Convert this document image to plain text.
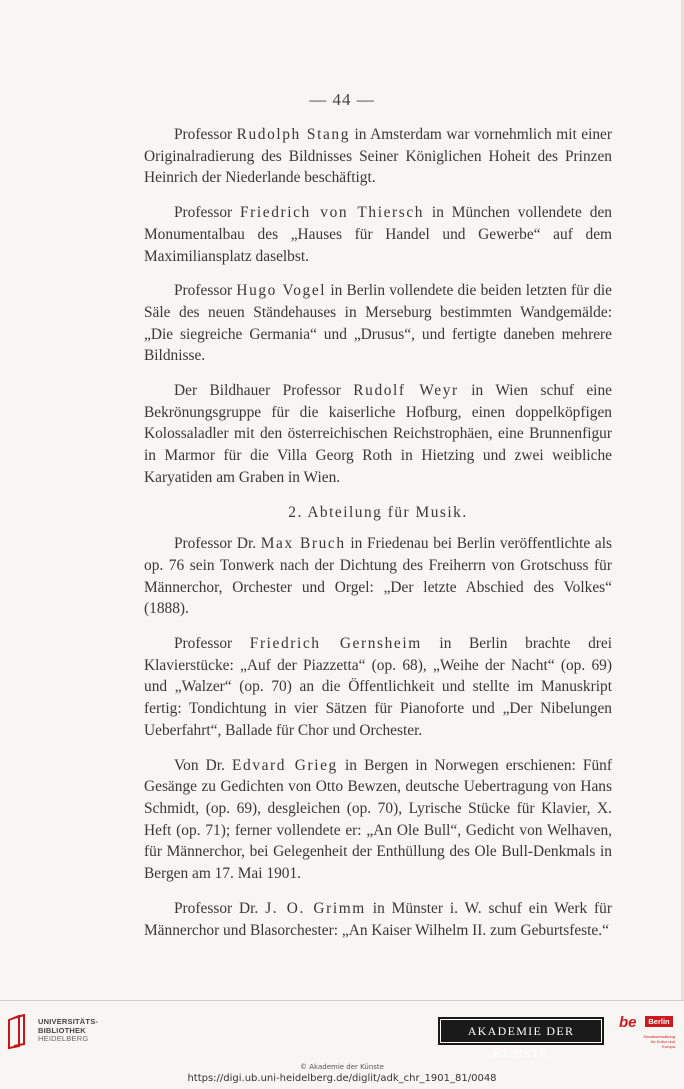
— 44 —

Professor Rudolph Stang in Amsterdam war vornehmlich mit einer Originalradierung des Bildnisses Seiner Königlichen Hoheit des Prinzen Heinrich der Niederlande beschäftigt.

Professor Friedrich von Thiersch in München vollendete den Monumentalbau des „Hauses für Handel und Gewerbe“ auf dem Maximiliansplatz daselbst.

Professor Hugo Vogel in Berlin vollendete die beiden letzten für die Säle des neuen Ständehauses in Merseburg bestimmten Wandgemälde: „Die siegreiche Germania“ und „Drusus“, und fertigte daneben mehrere Bildnisse.

Der Bildhauer Professor Rudolf Weyr in Wien schuf eine Bekrönungsgruppe für die kaiserliche Hofburg, einen doppelköpfigen Kolossaladler mit den österreichischen Reichstrophäen, eine Brunnenfigur in Marmor für die Villa Georg Roth in Hietzing und zwei weibliche Karyatiden am Graben in Wien.

2. Abteilung für Musik.

Professor Dr. Max Bruch in Friedenau bei Berlin veröffentlichte als op. 76 sein Tonwerk nach der Dichtung des Freiherrn von Grotschuss für Männerchor, Orchester und Orgel: „Der letzte Abschied des Volkes“ (1888).

Professor Friedrich Gernsheim in Berlin brachte drei Klavierstücke: „Auf der Piazzetta“ (op. 68), „Weihe der Nacht“ (op. 69) und „Walzer“ (op. 70) an die Öffentlichkeit und stellte im Manuskript fertig: Tondichtung in vier Sätzen für Pianoforte und „Der Nibelungen Ueberfahrt“, Ballade für Chor und Orchester.

Von Dr. Edvard Grieg in Bergen in Norwegen erschienen: Fünf Gesänge zu Gedichten von Otto Bewzen, deutsche Uebertragung von Hans Schmidt, (op. 69), desgleichen (op. 70), Lyrische Stücke für Klavier, X. Heft (op. 71); ferner vollendete er: „An Ole Bull“, Gedicht von Welhaven, für Männerchor, bei Gelegenheit der Enthüllung des Ole Bull-Denkmals in Bergen am 17. Mai 1901.

Professor Dr. J. O. Grimm in Münster i. W. schuf ein Werk für Männerchor und Blasorchester: „An Kaiser Wilhelm II. zum Geburtsfeste.“

UNIVERSITÄTS-
BIBLIOTHEK
HEIDELBERG
AKADEMIE DER KÜNSTE
be	Berlin
Senatsverwaltung für Kultur und Europa
© Akademie der Künste
https://digi.ub.uni-heidelberg.de/diglit/adk_chr_1901_81/0048
